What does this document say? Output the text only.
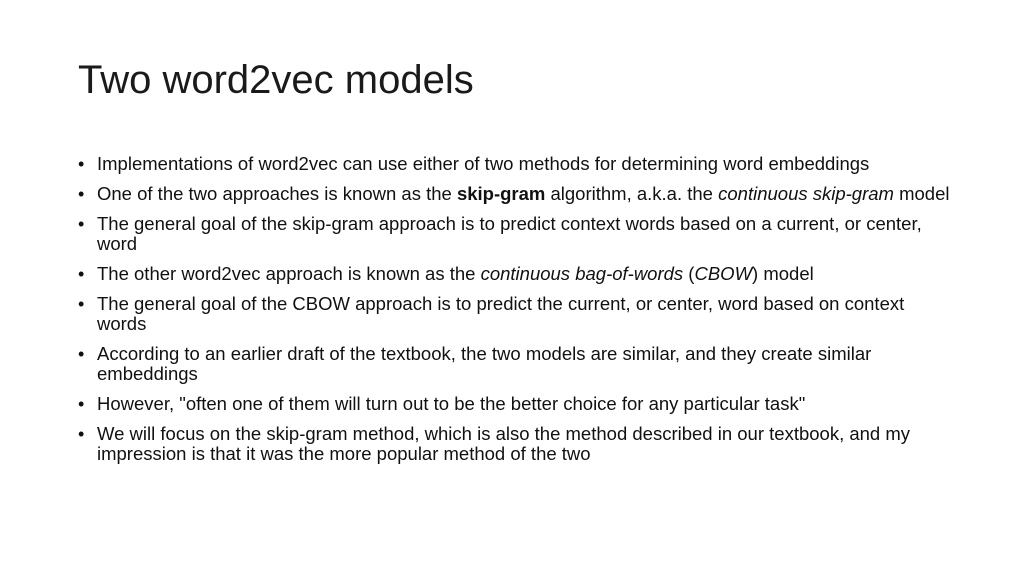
Two word2vec models
• Implementations of word2vec can use either of two methods for determining word embeddings
• One of the two approaches is known as the skip-gram algorithm, a.k.a. the continuous skip-gram model
• The general goal of the skip-gram approach is to predict context words based on a current, or center, word
• The other word2vec approach is known as the continuous bag-of-words (CBOW) model
• The general goal of the CBOW approach is to predict the current, or center, word based on context words
• According to an earlier draft of the textbook, the two models are similar, and they create similar embeddings
• However, "often one of them will turn out to be the better choice for any particular task"
• We will focus on the skip-gram method, which is also the method described in our textbook, and my impression is that it was the more popular method of the two
